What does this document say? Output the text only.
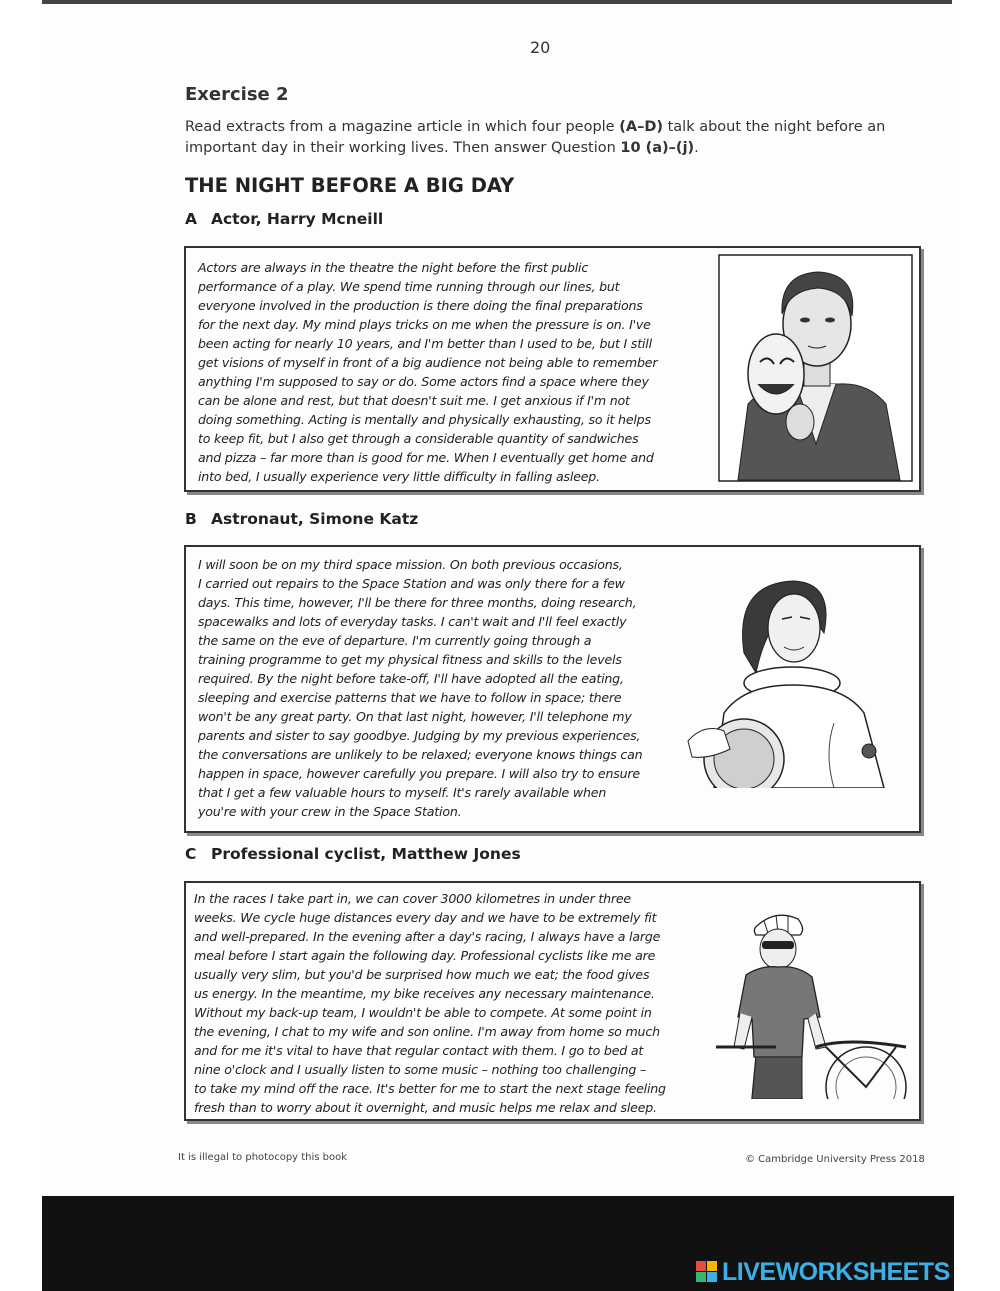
20
Exercise 2
Read extracts from a magazine article in which four people (A–D) talk about the night before an important day in their working lives. Then answer Question 10 (a)–(j).
THE NIGHT BEFORE A BIG DAY
A Actor, Harry Mcneill
Actors are always in the theatre the night before the first public
performance of a play. We spend time running through our lines, but
everyone involved in the production is there doing the final preparations
for the next day. My mind plays tricks on me when the pressure is on. I've
been acting for nearly 10 years, and I'm better than I used to be, but I still
get visions of myself in front of a big audience not being able to remember
anything I'm supposed to say or do. Some actors find a space where they
can be alone and rest, but that doesn't suit me. I get anxious if I'm not
doing something. Acting is mentally and physically exhausting, so it helps
to keep fit, but I also get through a considerable quantity of sandwiches
and pizza – far more than is good for me. When I eventually get home and
into bed, I usually experience very little difficulty in falling asleep.
B Astronaut, Simone Katz
I will soon be on my third space mission. On both previous occasions,
I carried out repairs to the Space Station and was only there for a few
days. This time, however, I'll be there for three months, doing research,
spacewalks and lots of everyday tasks. I can't wait and I'll feel exactly
the same on the eve of departure. I'm currently going through a
training programme to get my physical fitness and skills to the levels
required. By the night before take-off, I'll have adopted all the eating,
sleeping and exercise patterns that we have to follow in space; there
won't be any great party. On that last night, however, I'll telephone my
parents and sister to say goodbye. Judging by my previous experiences,
the conversations are unlikely to be relaxed; everyone knows things can
happen in space, however carefully you prepare. I will also try to ensure
that I get a few valuable hours to myself. It's rarely available when
you're with your crew in the Space Station.
C Professional cyclist, Matthew Jones
In the races I take part in, we can cover 3000 kilometres in under three
weeks. We cycle huge distances every day and we have to be extremely fit
and well-prepared. In the evening after a day's racing, I always have a large
meal before I start again the following day. Professional cyclists like me are
usually very slim, but you'd be surprised how much we eat; the food gives
us energy. In the meantime, my bike receives any necessary maintenance.
Without my back-up team, I wouldn't be able to compete. At some point in
the evening, I chat to my wife and son online. I'm away from home so much
and for me it's vital to have that regular contact with them. I go to bed at
nine o'clock and I usually listen to some music – nothing too challenging –
to take my mind off the race. It's better for me to start the next stage feeling
fresh than to worry about it overnight, and music helps me relax and sleep.
It is illegal to photocopy this book	© Cambridge University Press 2018
LIVEWORKSHEETS
